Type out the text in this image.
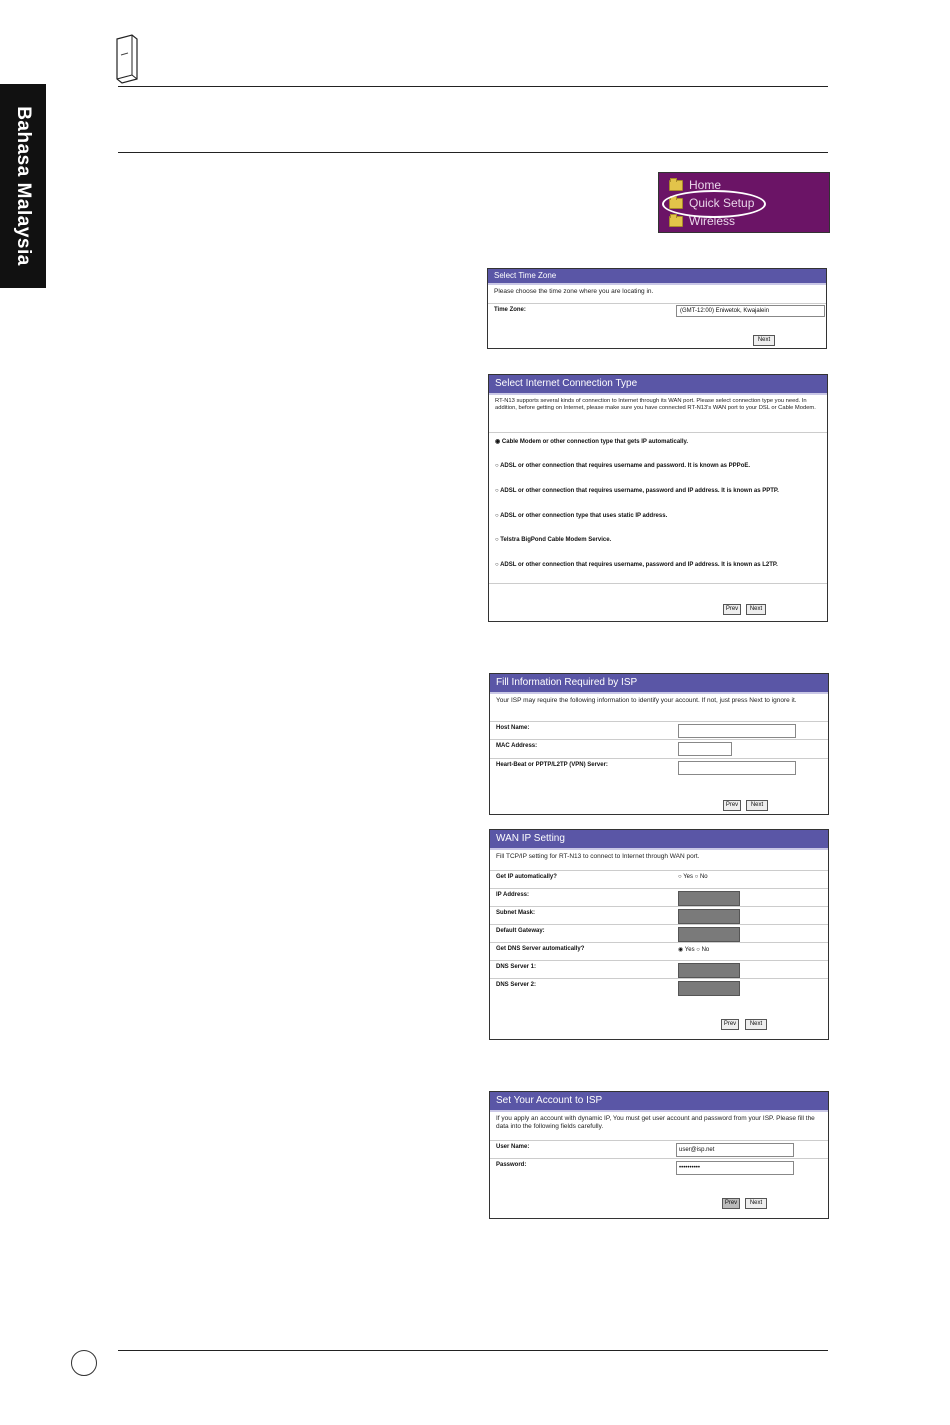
Bahasa Malaysia	Home
Quick Setup
Wireless
Select Time Zone
Please choose the time zone where you are locating in.
Time Zone:	(GMT-12:00) Eniwetok, Kwajalein
Next
Select Internet Connection Type
RT-N13 supports several kinds of connection to Internet through its WAN port. Please select connection type you need. In addition, before getting on Internet, please make sure you have connected RT-N13's WAN port to your DSL or Cable Modem.
◉ Cable Modem or other connection type that gets IP automatically.
○ ADSL or other connection that requires username and password. It is known as PPPoE.
○ ADSL or other connection that requires username, password and IP address. It is known as PPTP.
○ ADSL or other connection type that uses static IP address.
○ Telstra BigPond Cable Modem Service.
○ ADSL or other connection that requires username, password and IP address. It is known as L2TP.
Prev	Next
Fill Information Required by ISP
Your ISP may require the following information to identify your account. If not, just press Next to ignore it.
Host Name:
MAC Address:
Heart-Beat or PPTP/L2TP (VPN) Server:
Prev	Next
WAN IP Setting
Fill TCP/IP setting for RT-N13 to connect to Internet through WAN port.
Get IP automatically?	○ Yes ○ No
IP Address:
Subnet Mask:
Default Gateway:
Get DNS Server automatically?	◉ Yes ○ No
DNS Server 1:
DNS Server 2:
Prev	Next
Set Your Account to ISP
If you apply an account with dynamic IP, You must get user account and password from your ISP. Please fill the data into the following fields carefully.
User Name:	user@isp.net
Password:	••••••••••
Prev	Next
